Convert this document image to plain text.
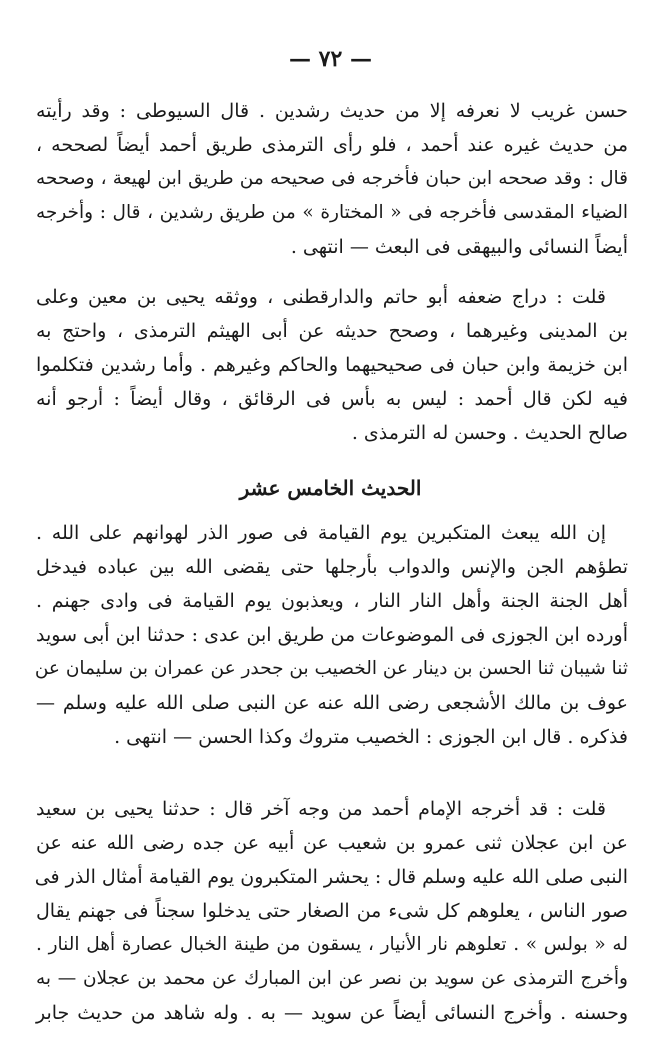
— ٧٢ —
حسن غريب لا نعرفه إلا من حديث رشدين . قال السيوطى : وقد رأيته
من حديث غيره عند أحمد ، فلو رأى الترمذى طريق أحمد أيضاً لصححه ،
قال : وقد صححه ابن حبان فأخرجه فى صحيحه من طريق ابن لهيعة ، وصححه
الضياء المقدسى فأخرجه فى « المختارة » من طريق رشدين ، قال : وأخرجه
أيضاً النسائى والبيهقى فى البعث — انتهى .
قلت : دراج ضعفه أبو حاتم والدارقطنى ، ووثقه يحيى بن معين وعلى
بن المدينى وغيرهما ، وصحح حديثه عن أبى الهيثم الترمذى ، واحتج به
ابن خزيمة وابن حبان فى صحيحيهما والحاكم وغيرهم . وأما رشدين فتكلموا
فيه لكن قال أحمد : ليس به بأس فى الرقائق ، وقال أيضاً : أرجو أنه
صالح الحديث . وحسن له الترمذى .
الحديث الخامس عشر
إن الله يبعث المتكبرين يوم القيامة فى صور الذر لهوانهم على الله .
تطؤهم الجن والإنس والدواب بأرجلها حتى يقضى الله بين عباده فيدخل
أهل الجنة الجنة وأهل النار النار ، ويعذبون يوم القيامة فى وادى جهنم .
أورده ابن الجوزى فى الموضوعات من طريق ابن عدى : حدثنا ابن أبى سويد
ثنا شيبان ثنا الحسن بن دينار عن الخصيب بن جحدر عن عمران بن سليمان عن
عوف بن مالك الأشجعى رضى الله عنه عن النبى صلى الله عليه وسلم —
فذكره . قال ابن الجوزى : الخصيب متروك وكذا الحسن — انتهى .
قلت : قد أخرجه الإمام أحمد من وجه آخر قال : حدثنا يحيى بن سعيد
عن ابن عجلان ثنى عمرو بن شعيب عن أبيه عن جده رضى الله عنه عن
النبى صلى الله عليه وسلم قال : يحشر المتكبرون يوم القيامة أمثال الذر فى
صور الناس ، يعلوهم كل شىء من الصغار حتى يدخلوا سجناً فى جهنم يقال
له « بولس » . تعلوهم نار الأنيار ، يسقون من طينة الخبال عصارة أهل النار .
وأخرج الترمذى عن سويد بن نصر عن ابن المبارك عن محمد بن عجلان — به
وحسنه . وأخرج النسائى أيضاً عن سويد — به . وله شاهد من حديث جابر
